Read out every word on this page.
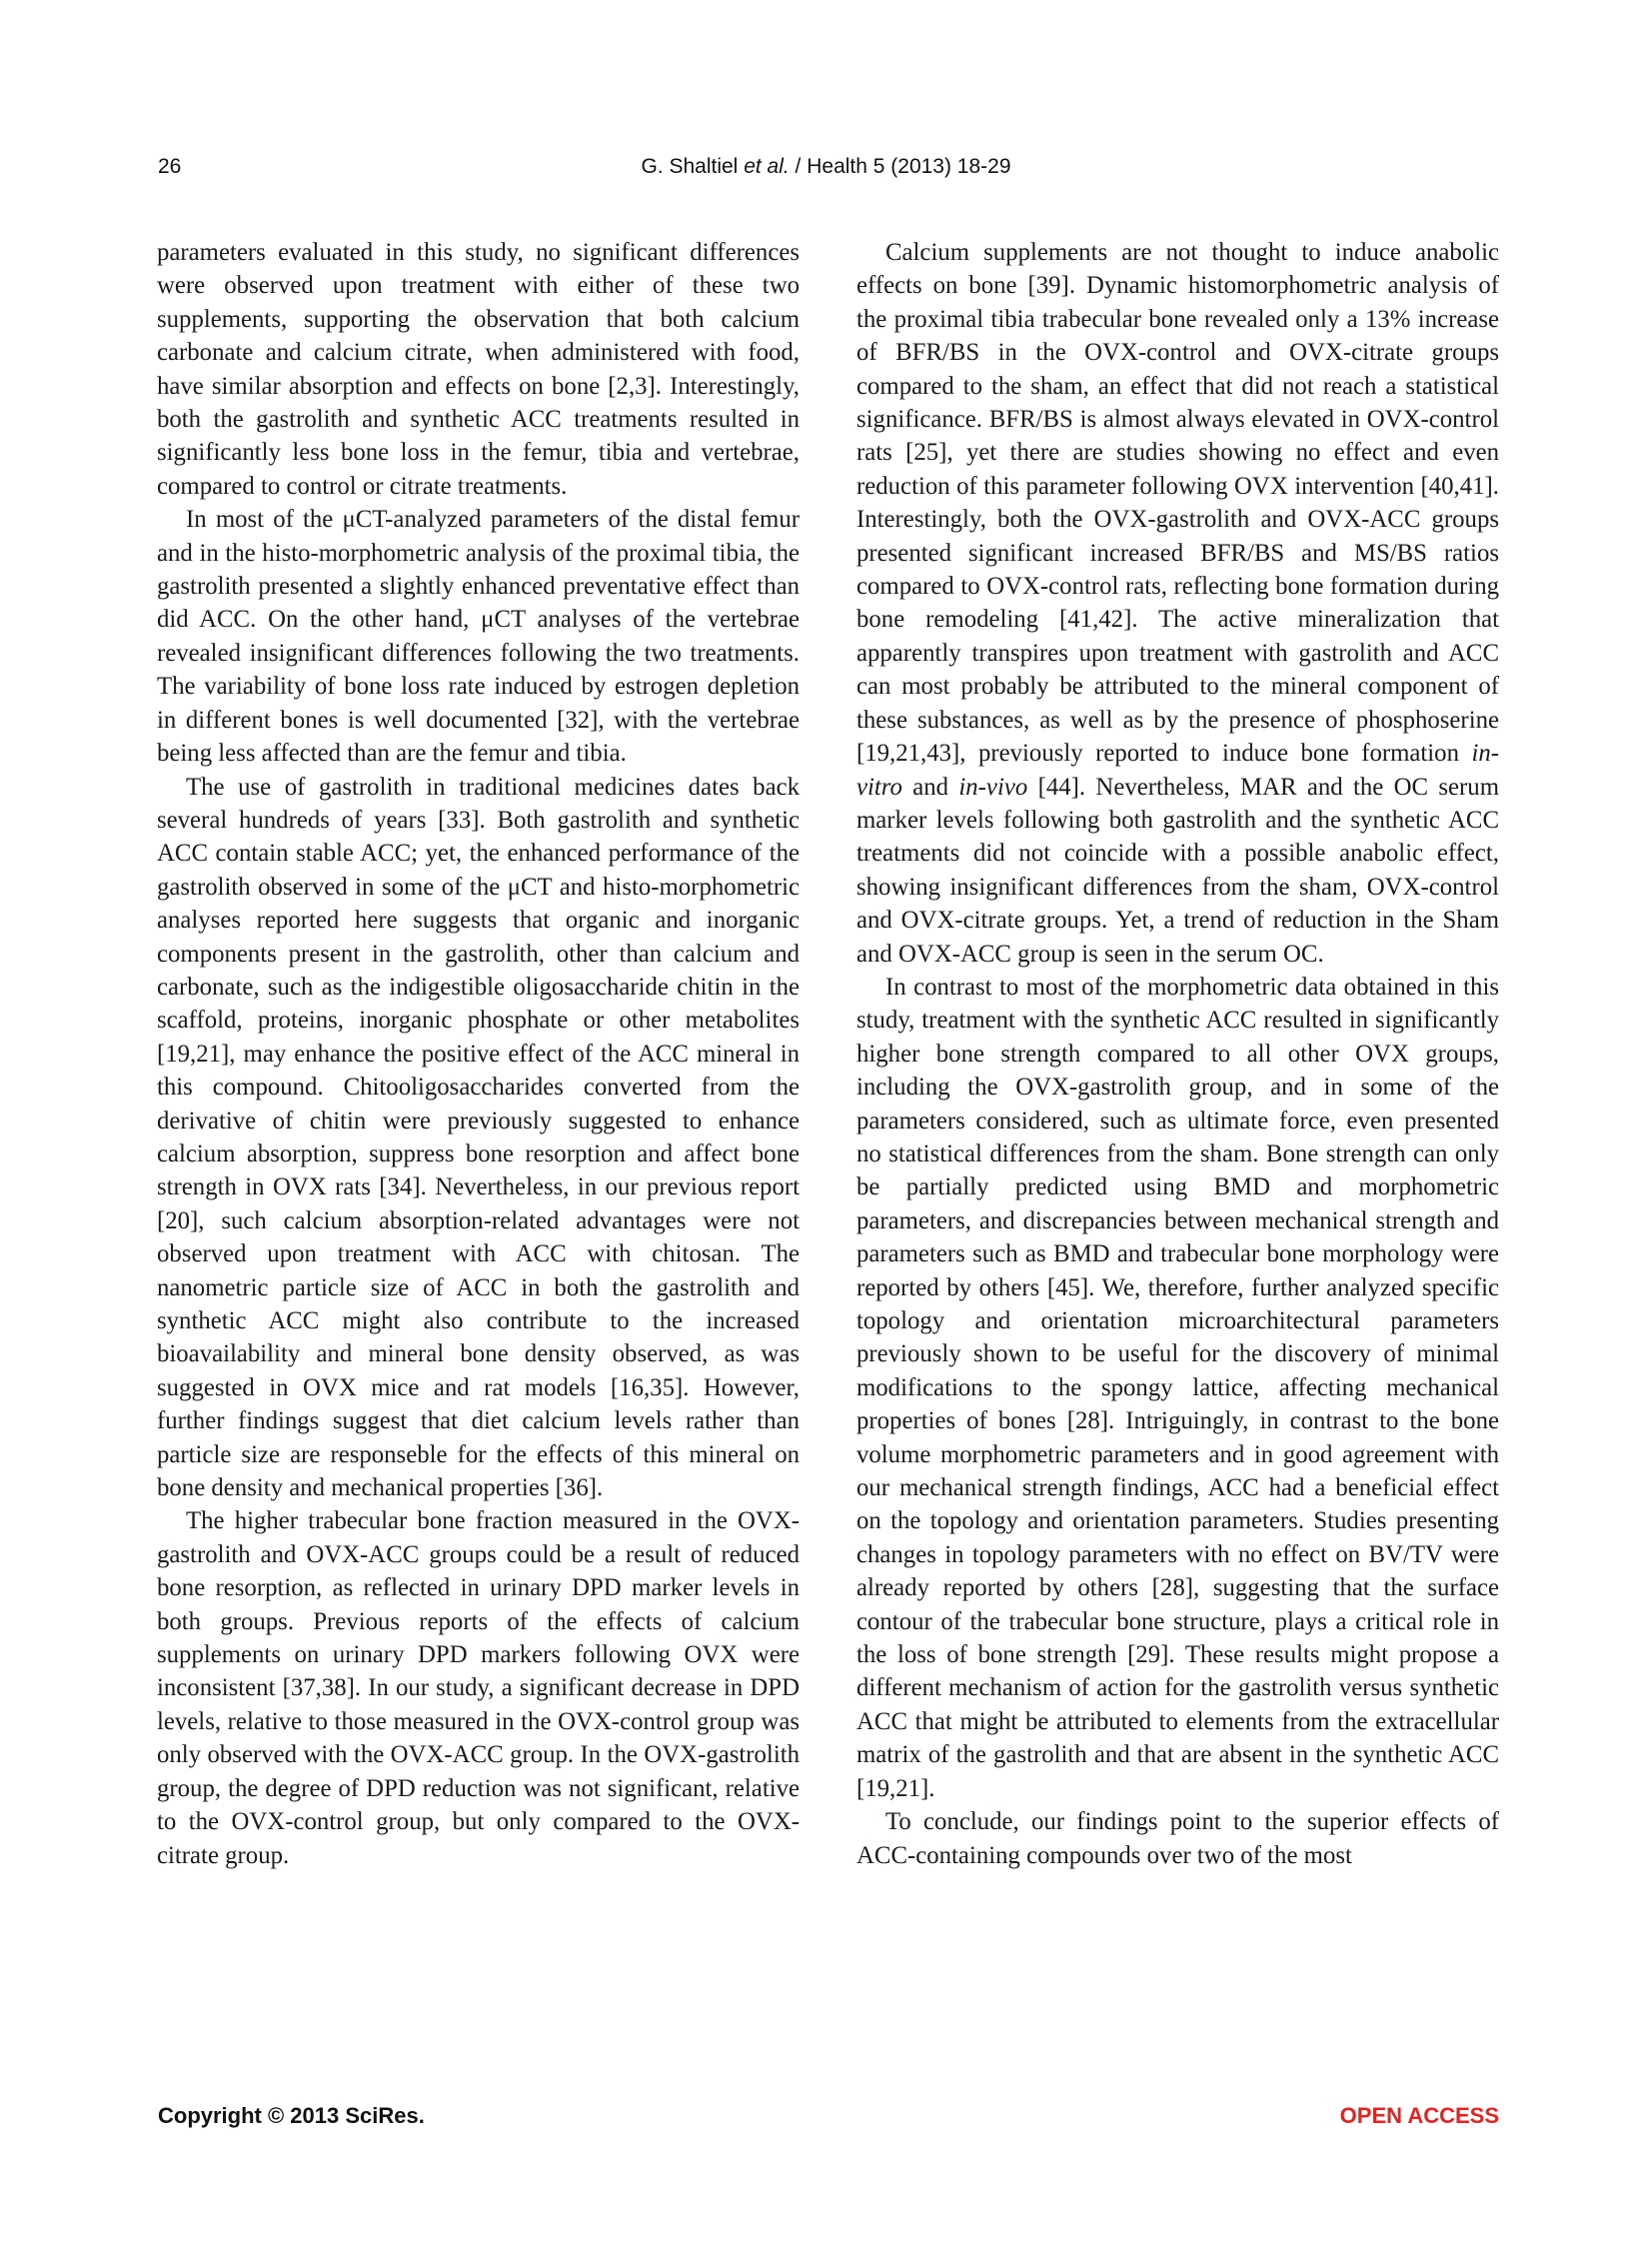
26	G. Shaltiel et al. / Health 5 (2013) 18-29

parameters evaluated in this study, no significant differences were observed upon treatment with either of these two supplements, supporting the observation that both calcium carbonate and calcium citrate, when administered with food, have similar absorption and effects on bone [2,3]. Interestingly, both the gastrolith and synthetic ACC treatments resulted in significantly less bone loss in the femur, tibia and vertebrae, compared to control or citrate treatments.

In most of the μCT-analyzed parameters of the distal femur and in the histo-morphometric analysis of the proximal tibia, the gastrolith presented a slightly enhanced preventative effect than did ACC. On the other hand, μCT analyses of the vertebrae revealed insignificant differences following the two treatments. The variability of bone loss rate induced by estrogen depletion in different bones is well documented [32], with the vertebrae being less affected than are the femur and tibia.

The use of gastrolith in traditional medicines dates back several hundreds of years [33]. Both gastrolith and synthetic ACC contain stable ACC; yet, the enhanced performance of the gastrolith observed in some of the μCT and histo-morphometric analyses reported here suggests that organic and inorganic components present in the gastrolith, other than calcium and carbonate, such as the indigestible oligosaccharide chitin in the scaffold, proteins, inorganic phosphate or other metabolites [19,21], may enhance the positive effect of the ACC mineral in this compound. Chitooligosaccharides converted from the derivative of chitin were previously suggested to enhance calcium absorption, suppress bone resorption and affect bone strength in OVX rats [34]. Nevertheless, in our previous report [20], such calcium absorption-related advantages were not observed upon treatment with ACC with chitosan. The nanometric particle size of ACC in both the gastrolith and synthetic ACC might also contribute to the increased bioavailability and mineral bone density observed, as was suggested in OVX mice and rat models [16,35]. However, further findings suggest that diet calcium levels rather than particle size are responseble for the effects of this mineral on bone density and mechanical properties [36].

The higher trabecular bone fraction measured in the OVX-gastrolith and OVX-ACC groups could be a result of reduced bone resorption, as reflected in urinary DPD marker levels in both groups. Previous reports of the effects of calcium supplements on urinary DPD markers following OVX were inconsistent [37,38]. In our study, a significant decrease in DPD levels, relative to those measured in the OVX-control group was only observed with the OVX-ACC group. In the OVX-gastrolith group, the degree of DPD reduction was not significant, relative to the OVX-control group, but only compared to the OVX-citrate group.

Calcium supplements are not thought to induce anabolic effects on bone [39]. Dynamic histomorphometric analysis of the proximal tibia trabecular bone revealed only a 13% increase of BFR/BS in the OVX-control and OVX-citrate groups compared to the sham, an effect that did not reach a statistical significance. BFR/BS is almost always elevated in OVX-control rats [25], yet there are studies showing no effect and even reduction of this parameter following OVX intervention [40,41]. Interestingly, both the OVX-gastrolith and OVX-ACC groups presented significant increased BFR/BS and MS/BS ratios compared to OVX-control rats, reflecting bone formation during bone remodeling [41,42]. The active mineralization that apparently transpires upon treatment with gastrolith and ACC can most probably be attributed to the mineral component of these substances, as well as by the presence of phosphoserine [19,21,43], previously reported to induce bone formation in-vitro and in-vivo [44]. Nevertheless, MAR and the OC serum marker levels following both gastrolith and the synthetic ACC treatments did not coincide with a possible anabolic effect, showing insignificant differences from the sham, OVX-control and OVX-citrate groups. Yet, a trend of reduction in the Sham and OVX-ACC group is seen in the serum OC.

In contrast to most of the morphometric data obtained in this study, treatment with the synthetic ACC resulted in significantly higher bone strength compared to all other OVX groups, including the OVX-gastrolith group, and in some of the parameters considered, such as ultimate force, even presented no statistical differences from the sham. Bone strength can only be partially predicted using BMD and morphometric parameters, and discrepancies between mechanical strength and parameters such as BMD and trabecular bone morphology were reported by others [45]. We, therefore, further analyzed specific topology and orientation microarchitectural parameters previously shown to be useful for the discovery of minimal modifications to the spongy lattice, affecting mechanical properties of bones [28]. Intriguingly, in contrast to the bone volume morphometric parameters and in good agreement with our mechanical strength findings, ACC had a beneficial effect on the topology and orientation parameters. Studies presenting changes in topology parameters with no effect on BV/TV were already reported by others [28], suggesting that the surface contour of the trabecular bone structure, plays a critical role in the loss of bone strength [29]. These results might propose a different mechanism of action for the gastrolith versus synthetic ACC that might be attributed to elements from the extracellular matrix of the gastrolith and that are absent in the synthetic ACC [19,21].

To conclude, our findings point to the superior effects of ACC-containing compounds over two of the most

Copyright © 2013 SciRes.	OPEN ACCESS
